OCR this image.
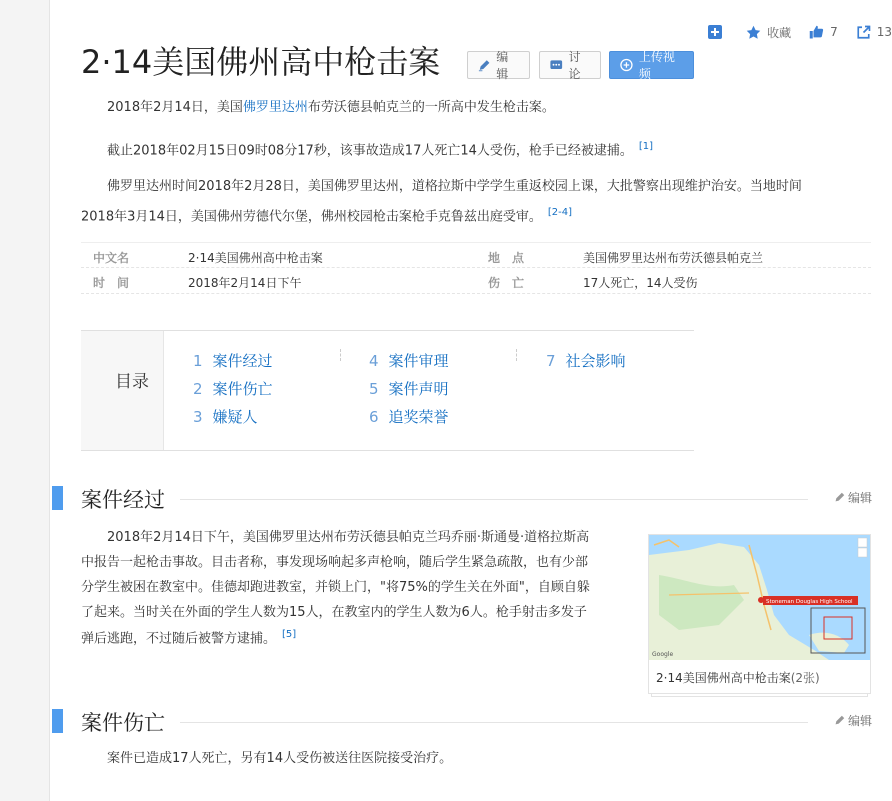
收藏	7	13
2·14美国佛州高中枪击案	编辑
讨论
上传视频
2018年2月14日，美国佛罗里达州布劳沃德县帕克兰的一所高中发生枪击案。
截止2018年02月15日09时08分17秒，该事故造成17人死亡14人受伤，枪手已经被逮捕。 [1]
佛罗里达州时间2018年2月28日，美国佛罗里达州，道格拉斯中学学生重返校园上课，大批警察出现维护治安。当地时间
2018年3月14日，美国佛州劳德代尔堡，佛州校园枪击案枪手克鲁兹出庭受审。 [2-4]
中文名	2·14美国佛州高中枪击案	地　点	美国佛罗里达州布劳沃德县帕克兰
时　间	2018年2月14日下午	伤　亡	17人死亡，14人受伤
目录
1 案件经过
2 案件伤亡
3 嫌疑人
4 案件审理
5 案件声明
6 追奖荣誉
7 社会影响
案件经过	编辑
2018年2月14日下午，美国佛罗里达州布劳沃德县帕克兰玛乔丽·斯通曼·道格拉斯高
中报告一起枪击事故。目击者称，事发现场响起多声枪响，随后学生紧急疏散，也有少部
分学生被困在教室中。佳德却跑进教室，并锁上门，"将75%的学生关在外面"，自顾自躲
了起来。当时关在外面的学生人数为15人，在教室内的学生人数为6人。枪手射击多发子
弹后逃跑，不过随后被警方逮捕。 [5]
Stoneman Douglas High School
Google
2·14美国佛州高中枪击案(2张)
案件伤亡	编辑
案件已造成17人死亡，另有14人受伤被送往医院接受治疗。
